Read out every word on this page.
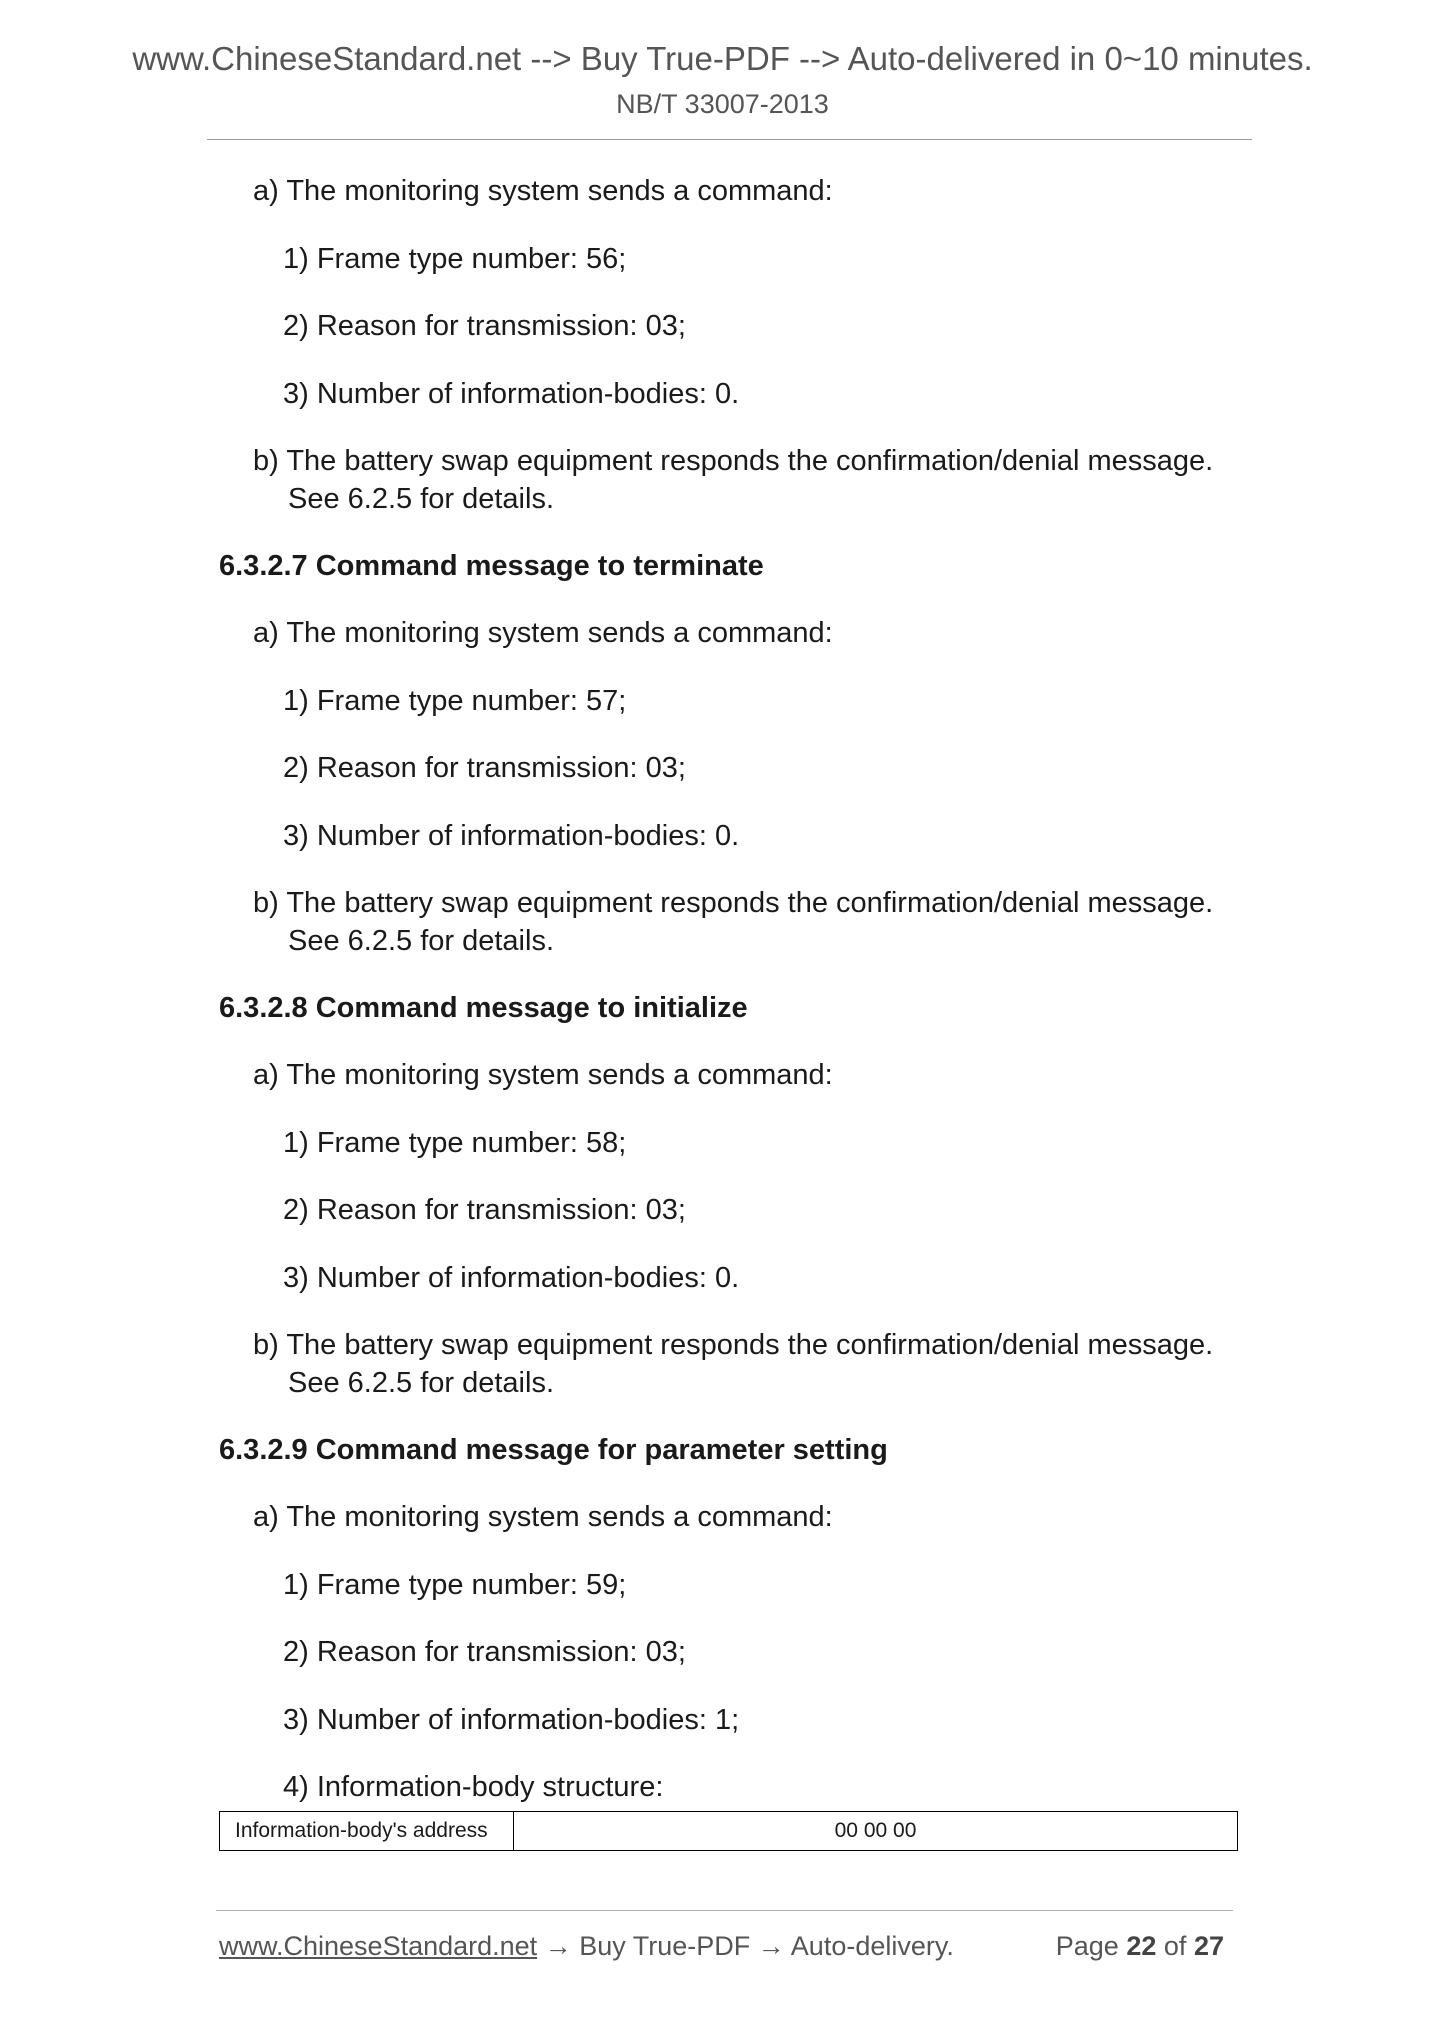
www.ChineseStandard.net --> Buy True-PDF --> Auto-delivered in 0~10 minutes.
NB/T 33007-2013
a) The monitoring system sends a command:
1) Frame type number: 56;
2) Reason for transmission: 03;
3) Number of information-bodies: 0.
b) The battery swap equipment responds the confirmation/denial message.
See 6.2.5 for details.
6.3.2.7 Command message to terminate
a) The monitoring system sends a command:
1) Frame type number: 57;
2) Reason for transmission: 03;
3) Number of information-bodies: 0.
b) The battery swap equipment responds the confirmation/denial message.
See 6.2.5 for details.
6.3.2.8 Command message to initialize
a) The monitoring system sends a command:
1) Frame type number: 58;
2) Reason for transmission: 03;
3) Number of information-bodies: 0.
b) The battery swap equipment responds the confirmation/denial message.
See 6.2.5 for details.
6.3.2.9 Command message for parameter setting
a) The monitoring system sends a command:
1) Frame type number: 59;
2) Reason for transmission: 03;
3) Number of information-bodies: 1;
4) Information-body structure:
Information-body's address	00 00 00
www.ChineseStandard.net → Buy True-PDF → Auto-delivery.	Page 22 of 27
